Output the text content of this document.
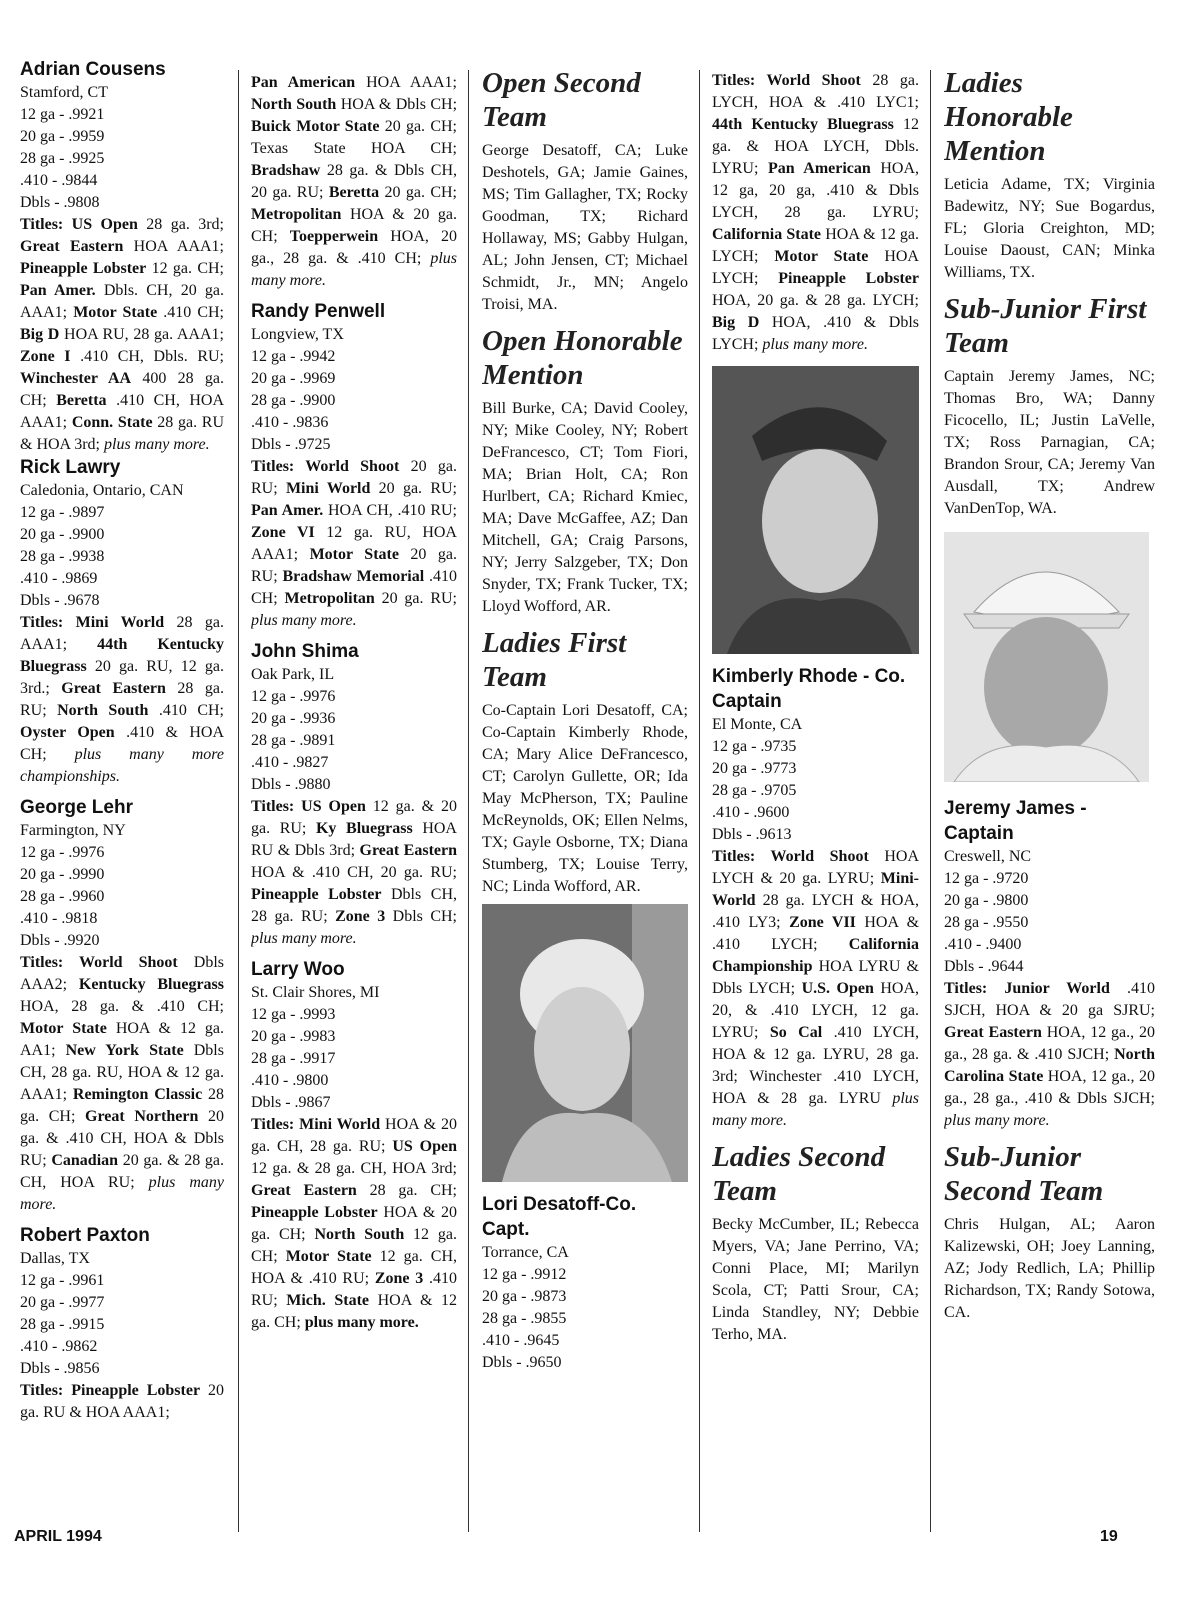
Adrian Cousens

Stamford, CT

12 ga - .9921

20 ga - .9959

28 ga - .9925

.410 - .9844

Dbls - .9808

Titles: US Open 28 ga. 3rd; Great Eastern HOA AAA1; Pineapple Lobster 12 ga. CH; Pan Amer. Dbls. CH, 20 ga. AAA1; Motor State .410 CH; Big D HOA RU, 28 ga. AAA1; Zone I .410 CH, Dbls. RU; Winchester AA 400 28 ga. CH; Beretta .410 CH, HOA AAA1; Conn. State 28 ga. RU & HOA 3rd; plus many more.

Rick Lawry

Caledonia, Ontario, CAN

12 ga - .9897

20 ga - .9900

28 ga - .9938

.410 - .9869

Dbls - .9678

Titles: Mini World 28 ga. AAA1; 44th Kentucky Bluegrass 20 ga. RU, 12 ga. 3rd.; Great Eastern 28 ga. RU; North South .410 CH; Oyster Open .410 & HOA CH; plus many more championships.

George Lehr

Farmington, NY

12 ga - .9976

20 ga - .9990

28 ga - .9960

.410 - .9818

Dbls - .9920

Titles: World Shoot Dbls AAA2; Kentucky Bluegrass HOA, 28 ga. & .410 CH; Motor State HOA & 12 ga. AA1; New York State Dbls CH, 28 ga. RU, HOA & 12 ga. AAA1; Remington Classic 28 ga. CH; Great Northern 20 ga. & .410 CH, HOA & Dbls RU; Canadian 20 ga. & 28 ga. CH, HOA RU; plus many more.

Robert Paxton

Dallas, TX

12 ga - .9961

20 ga - .9977

28 ga - .9915

.410 - .9862

Dbls - .9856

Titles: Pineapple Lobster 20 ga. RU & HOA AAA1;

Pan American HOA AAA1; North South HOA & Dbls CH; Buick Motor State 20 ga. CH; Texas State HOA CH; Bradshaw 28 ga. & Dbls CH, 20 ga. RU; Beretta 20 ga. CH; Metropolitan HOA & 20 ga. CH; Toepperwein HOA, 20 ga., 28 ga. & .410 CH; plus many more.

Randy Penwell

Longview, TX

12 ga - .9942

20 ga - .9969

28 ga - .9900

.410 - .9836

Dbls - .9725

Titles: World Shoot 20 ga. RU; Mini World 20 ga. RU; Pan Amer. HOA CH, .410 RU; Zone VI 12 ga. RU, HOA AAA1; Motor State 20 ga. RU; Bradshaw Memorial .410 CH; Metropolitan 20 ga. RU; plus many more.

John Shima

Oak Park, IL

12 ga - .9976

20 ga - .9936

28 ga - .9891

.410 - .9827

Dbls - .9880

Titles: US Open 12 ga. & 20 ga. RU; Ky Bluegrass HOA RU & Dbls 3rd; Great Eastern HOA & .410 CH, 20 ga. RU; Pineapple Lobster Dbls CH, 28 ga. RU; Zone 3 Dbls CH; plus many more.

Larry Woo

St. Clair Shores, MI

12 ga - .9993

20 ga - .9983

28 ga - .9917

.410 - .9800

Dbls - .9867

Titles: Mini World HOA & 20 ga. CH, 28 ga. RU; US Open 12 ga. & 28 ga. CH, HOA 3rd; Great Eastern 28 ga. CH; Pineapple Lobster HOA & 20 ga. CH; North South 12 ga. CH; Motor State 12 ga. CH, HOA & .410 RU; Zone 3 .410 RU; Mich. State HOA & 12 ga. CH; plus many more.

Open Second Team

George Desatoff, CA; Luke Deshotels, GA; Jamie Gaines, MS; Tim Gallagher, TX; Rocky Goodman, TX; Richard Hollaway, MS; Gabby Hulgan, AL; John Jensen, CT; Michael Schmidt, Jr., MN; Angelo Troisi, MA.

Open Honorable Mention

Bill Burke, CA; David Cooley, NY; Mike Cooley, NY; Robert DeFrancesco, CT; Tom Fiori, MA; Brian Holt, CA; Ron Hurlbert, CA; Richard Kmiec, MA; Dave McGaffee, AZ; Dan Mitchell, GA; Craig Parsons, NY; Jerry Salzgeber, TX; Don Snyder, TX; Frank Tucker, TX; Lloyd Wofford, AR.

Ladies First Team

Co-Captain Lori Desatoff, CA; Co-Captain Kimberly Rhode, CA; Mary Alice DeFrancesco, CT; Carolyn Gullette, OR; Ida May McPherson, TX; Pauline McReynolds, OK; Ellen Nelms, TX; Gayle Osborne, TX; Diana Stumberg, TX; Louise Terry, NC; Linda Wofford, AR.

Lori Desatoff-Co. Capt.

Torrance, CA

12 ga - .9912

20 ga - .9873

28 ga - .9855

.410 - .9645

Dbls - .9650

Titles: World Shoot 28 ga. LYCH, HOA & .410 LYC1; 44th Kentucky Bluegrass 12 ga. & HOA LYCH, Dbls. LYRU; Pan American HOA, 12 ga, 20 ga, .410 & Dbls LYCH, 28 ga. LYRU; California State HOA & 12 ga. LYCH; Motor State HOA LYCH; Pineapple Lobster HOA, 20 ga. & 28 ga. LYCH; Big D HOA, .410 & Dbls LYCH; plus many more.

Kimberly Rhode - Co. Captain

El Monte, CA

12 ga - .9735

20 ga - .9773

28 ga - .9705

.410 - .9600

Dbls - .9613

Titles: World Shoot HOA LYCH & 20 ga. LYRU; Mini-World 28 ga. LYCH & HOA, .410 LY3; Zone VII HOA & .410 LYCH; California Championship HOA LYRU & Dbls LYCH; U.S. Open HOA, 20, & .410 LYCH, 12 ga. LYRU; So Cal .410 LYCH, HOA & 12 ga. LYRU, 28 ga. 3rd; Winchester .410 LYCH, HOA & 28 ga. LYRU plus many more.

Ladies Second Team

Becky McCumber, IL; Rebecca Myers, VA; Jane Perrino, VA; Conni Place, MI; Marilyn Scola, CT; Patti Srour, CA; Linda Standley, NY; Debbie Terho, MA.

Ladies Honorable Mention

Leticia Adame, TX; Virginia Badewitz, NY; Sue Bogardus, FL; Gloria Creighton, MD; Louise Daoust, CAN; Minka Williams, TX.

Sub-Junior First Team

Captain Jeremy James, NC; Thomas Bro, WA; Danny Ficocello, IL; Justin LaVelle, TX; Ross Parnagian, CA; Brandon Srour, CA; Jeremy Van Ausdall, TX; Andrew VanDenTop, WA.

Jeremy James - Captain

Creswell, NC

12 ga - .9720

20 ga - .9800

28 ga - .9550

.410 - .9400

Dbls - .9644

Titles: Junior World .410 SJCH, HOA & 20 ga SJRU; Great Eastern HOA, 12 ga., 20 ga., 28 ga. & .410 SJCH; North Carolina State HOA, 12 ga., 20 ga., 28 ga., .410 & Dbls SJCH; plus many more.

Sub-Junior Second Team

Chris Hulgan, AL; Aaron Kalizewski, OH; Joey Lanning, AZ; Jody Redlich, LA; Phillip Richardson, TX; Randy Sotowa, CA.

APRIL 1994	19
